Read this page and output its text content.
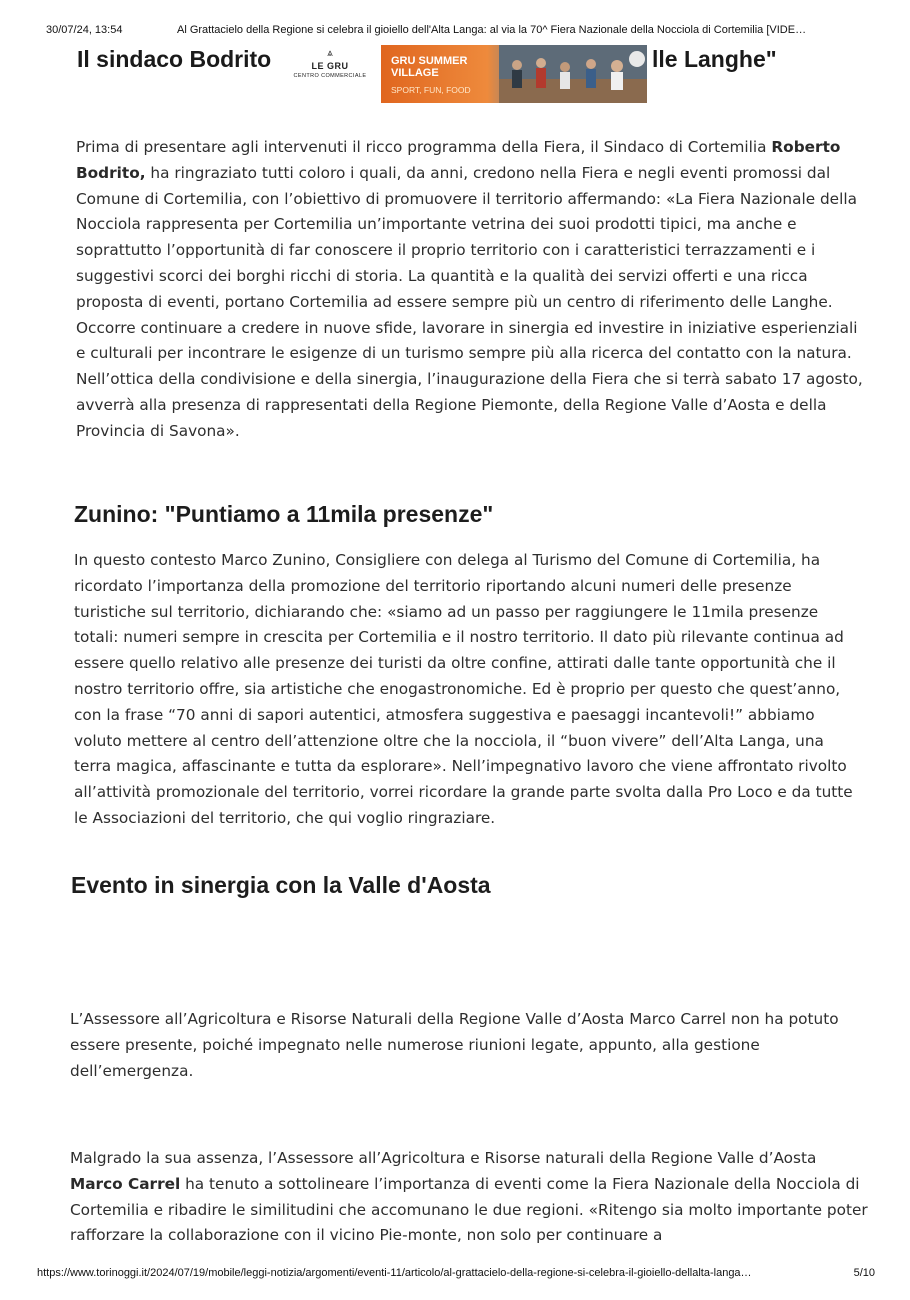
30/07/24, 13:54	Al Grattacielo della Regione si celebra il gioiello dell'Alta Langa: al via la 70^ Fiera Nazionale della Nocciola di Cortemilia [VIDE…
Il sindaco Bodrito	lle Langhe"
⩓
LE GRU
CENTRO COMMERCIALE
GRU SUMMER VILLAGE
SPORT, FUN, FOOD

Prima di presentare agli intervenuti il ricco programma della Fiera, il Sindaco di Cortemilia Roberto Bodrito, ha ringraziato tutti coloro i quali, da anni, credono nella Fiera e negli eventi promossi dal Comune di Cortemilia, con l’obiettivo di promuovere il territorio affermando: «La Fiera Nazionale della Nocciola rappresenta per Cortemilia un’importante vetrina dei suoi prodotti tipici, ma anche e soprattutto l’opportunità di far conoscere il proprio territorio con i caratteristici terrazzamenti e i suggestivi scorci dei borghi ricchi di storia. La quantità e la qualità dei servizi offerti e una ricca proposta di eventi, portano Cortemilia ad essere sempre più un centro di riferimento delle Langhe. Occorre continuare a credere in nuove sfide, lavorare in sinergia ed investire in iniziative esperienziali e culturali per incontrare le esigenze di un turismo sempre più alla ricerca del contatto con la natura. Nell’ottica della condivisione e della sinergia, l’inaugurazione della Fiera che si terrà sabato 17 agosto, avverrà alla presenza di rappresentati della Regione Piemonte, della Regione Valle d’Aosta e della Provincia di Savona».

Zunino: "Puntiamo a 11mila presenze"

In questo contesto Marco Zunino, Consigliere con delega al Turismo del Comune di Cortemilia, ha ricordato l’importanza della promozione del territorio riportando alcuni numeri delle presenze turistiche sul territorio, dichiarando che: «siamo ad un passo per raggiungere le 11mila presenze totali: numeri sempre in crescita per Cortemilia e il nostro territorio. Il dato più rilevante continua ad essere quello relativo alle presenze dei turisti da oltre confine, attirati dalle tante opportunità che il nostro territorio offre, sia artistiche che enogastronomiche. Ed è proprio per questo che quest’anno, con la frase “70 anni di sapori autentici, atmosfera suggestiva e paesaggi incantevoli!” abbiamo voluto mettere al centro dell’attenzione oltre che la nocciola, il “buon vivere” dell’Alta Langa, una terra magica, affascinante e tutta da esplorare». Nell’impegnativo lavoro che viene affrontato rivolto all’attività promozionale del territorio, vorrei ricordare la grande parte svolta dalla Pro Loco e da tutte le Associazioni del territorio, che qui voglio ringraziare.

Evento in sinergia con la Valle d'Aosta

L’Assessore all’Agricoltura e Risorse Naturali della Regione Valle d’Aosta Marco Carrel non ha potuto essere presente, poiché impegnato nelle numerose riunioni legate, appunto, alla gestione dell’emergenza.

Malgrado la sua assenza, l’Assessore all’Agricoltura e Risorse naturali della Regione Valle d’Aosta Marco Carrel ha tenuto a sottolineare l’importanza di eventi come la Fiera Nazionale della Nocciola di Cortemilia e ribadire le similitudini che accomunano le due regioni. «Ritengo sia molto importante poter rafforzare la collaborazione con il vicino Pie-monte, non solo per continuare a

https://www.torinoggi.it/2024/07/19/mobile/leggi-notizia/argomenti/eventi-11/articolo/al-grattacielo-della-regione-si-celebra-il-gioiello-dellalta-langa…	5/10
